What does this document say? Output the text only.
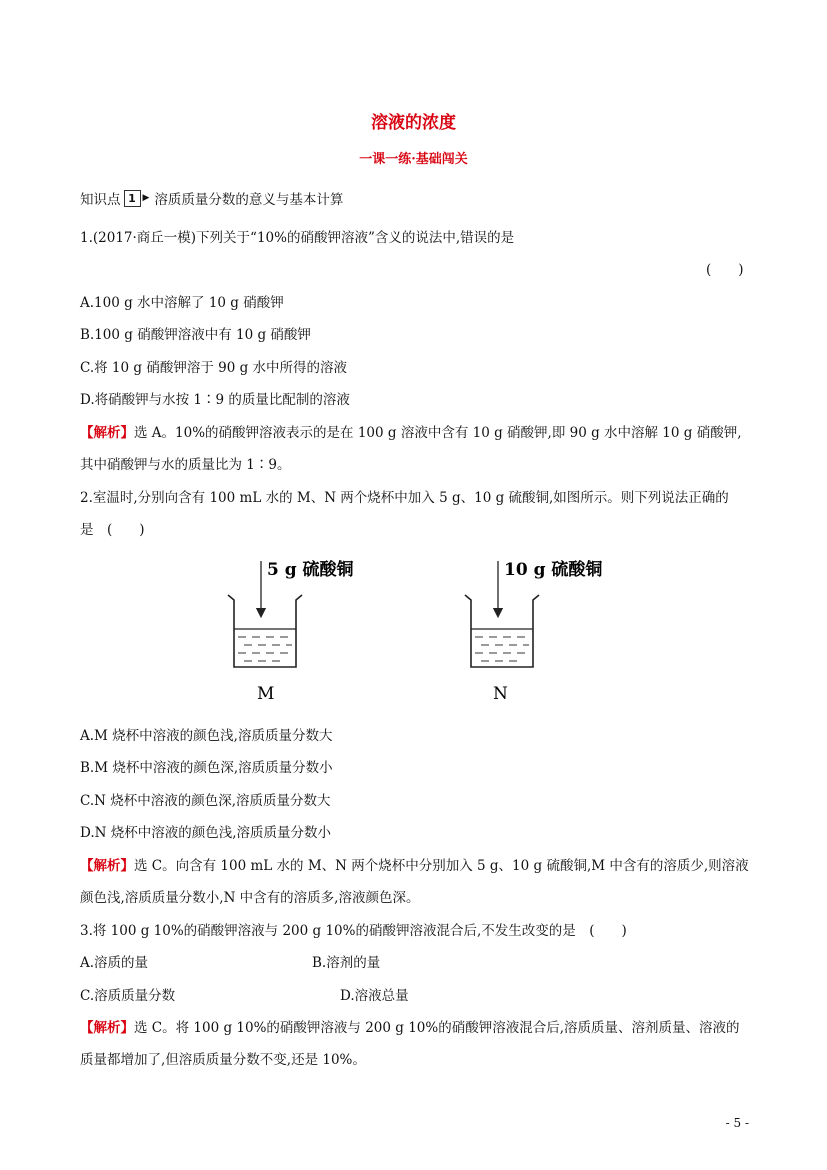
溶液的浓度
一课一练·基础闯关
知识点 1 ▶ 溶质质量分数的意义与基本计算
1.(2017·商丘一模)下列关于“10%的硝酸钾溶液”含义的说法中,错误的是
(　　)
A.100 g 水中溶解了 10 g 硝酸钾
B.100 g 硝酸钾溶液中有 10 g 硝酸钾
C.将 10 g 硝酸钾溶于 90 g 水中所得的溶液
D.将硝酸钾与水按 1∶9 的质量比配制的溶液
【解析】选 A。10%的硝酸钾溶液表示的是在 100 g 溶液中含有 10 g 硝酸钾,即 90 g 水中溶解 10 g 硝酸钾,
其中硝酸钾与水的质量比为 1∶9。
2.室温时,分别向含有 100 mL 水的 M、N 两个烧杯中加入 5 g、10 g 硫酸铜,如图所示。则下列说法正确的
是　(　　)
5 g 硫酸铜	10 g 硫酸铜
M	N
A.M 烧杯中溶液的颜色浅,溶质质量分数大
B.M 烧杯中溶液的颜色深,溶质质量分数小
C.N 烧杯中溶液的颜色深,溶质质量分数大
D.N 烧杯中溶液的颜色浅,溶质质量分数小
【解析】选 C。向含有 100 mL 水的 M、N 两个烧杯中分别加入 5 g、10 g 硫酸铜,M 中含有的溶质少,则溶液
颜色浅,溶质质量分数小,N 中含有的溶质多,溶液颜色深。
3.将 100 g 10%的硝酸钾溶液与 200 g 10%的硝酸钾溶液混合后,不发生改变的是　(　　)
A.溶质的量	B.溶剂的量
C.溶质质量分数	D.溶液总量
【解析】选 C。将 100 g 10%的硝酸钾溶液与 200 g 10%的硝酸钾溶液混合后,溶质质量、溶剂质量、溶液的
质量都增加了,但溶质质量分数不变,还是 10%。
- 5 -
